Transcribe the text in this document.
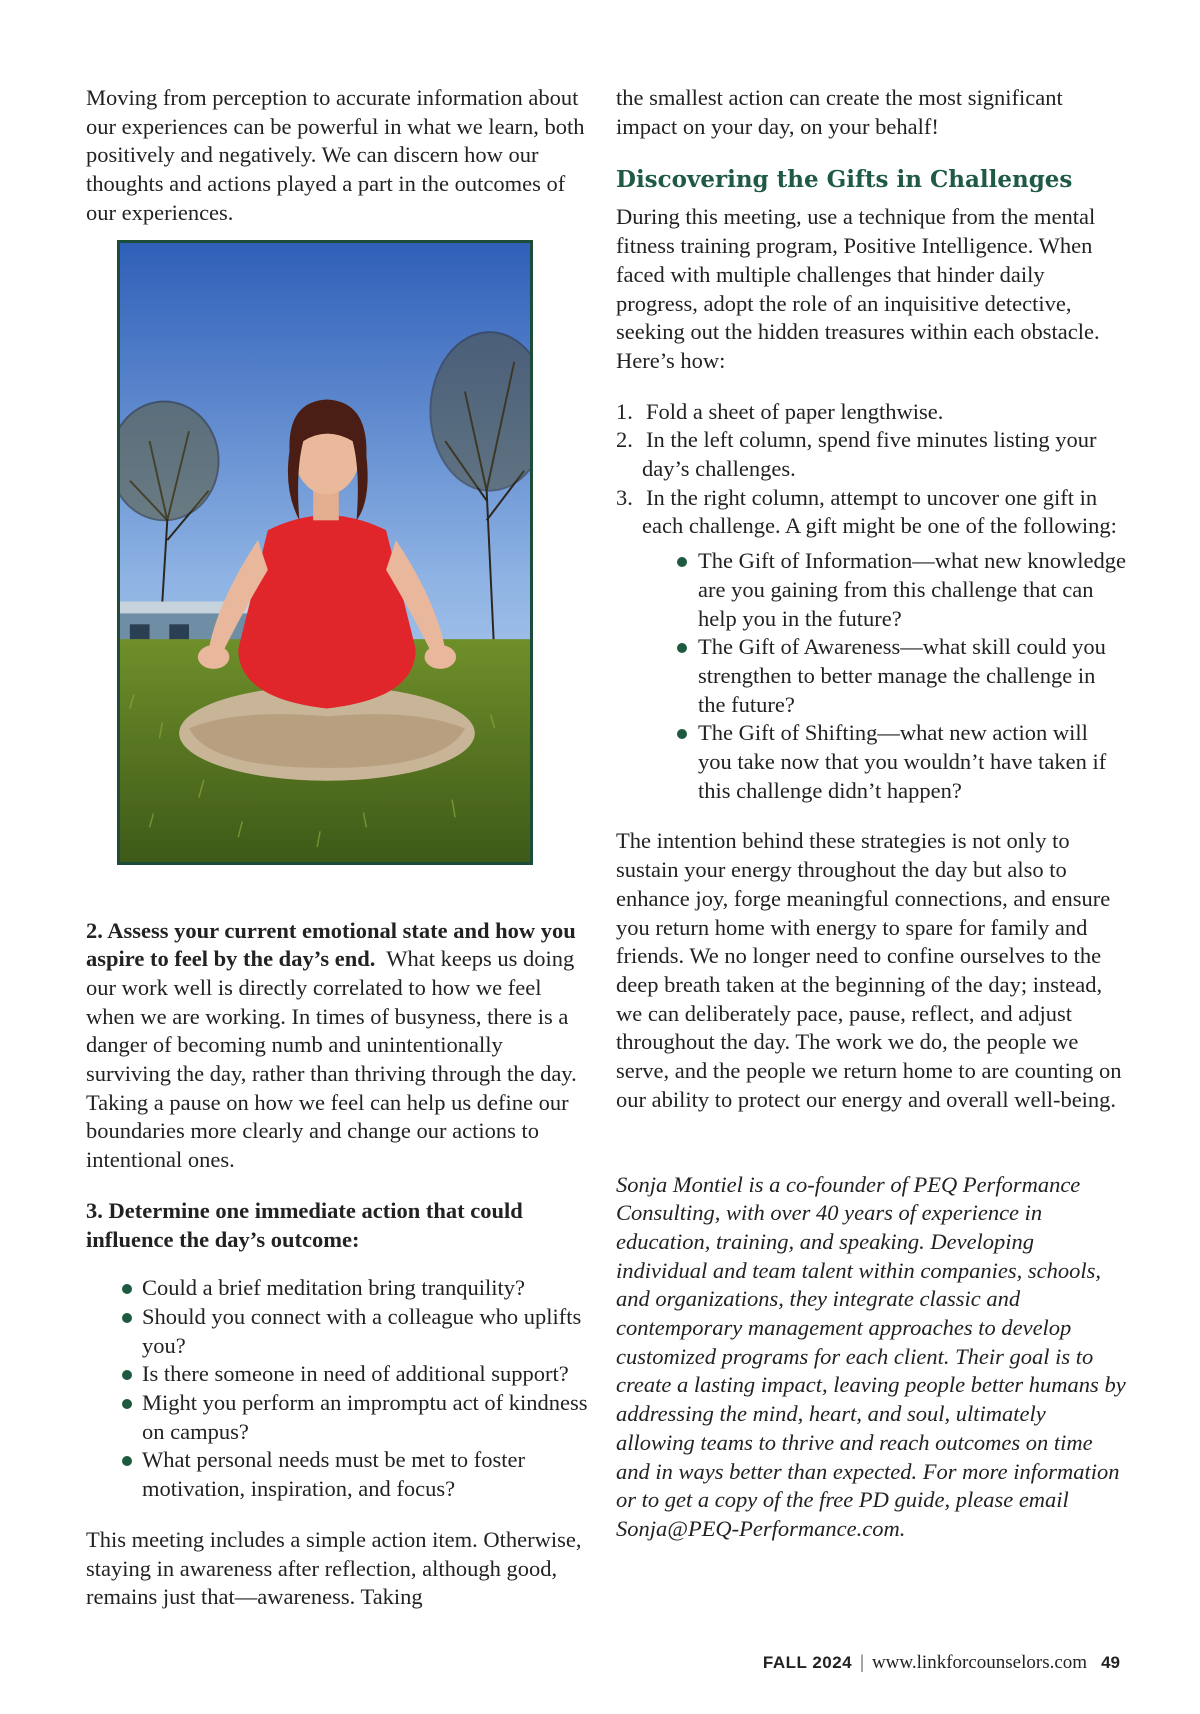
Moving from perception to accurate information about our experiences can be powerful in what we learn, both positively and negatively. We can discern how our thoughts and actions played a part in the outcomes of our experiences.

2. Assess your current emotional state and how you aspire to feel by the day’s end. What keeps us doing our work well is directly correlated to how we feel when we are working. In times of busyness, there is a danger of becoming numb and unintentionally surviving the day, rather than thriving through the day. Taking a pause on how we feel can help us define our boundaries more clearly and change our actions to intentional ones.

3. Determine one immediate action that could influence the day’s outcome:

Could a brief meditation bring tranquility?
Should you connect with a colleague who uplifts you?
Is there someone in need of additional support?
Might you perform an impromptu act of kindness on campus?
What personal needs must be met to foster motivation, inspiration, and focus?

This meeting includes a simple action item. Otherwise, staying in awareness after reflection, although good, remains just that—awareness. Taking

the smallest action can create the most significant impact on your day, on your behalf!

Discovering the Gifts in Challenges

During this meeting, use a technique from the mental fitness training program, Positive Intelligence. When faced with multiple challenges that hinder daily progress, adopt the role of an inquisitive detective, seeking out the hidden treasures within each obstacle. Here’s how:

1. Fold a sheet of paper lengthwise.
2. In the left column, spend five minutes listing your day’s challenges.
3. In the right column, attempt to uncover one gift in each challenge. A gift might be one of the following:
The Gift of Information—what new knowledge are you gaining from this challenge that can help you in the future?
The Gift of Awareness—what skill could you strengthen to better manage the challenge in the future?
The Gift of Shifting—what new action will you take now that you wouldn’t have taken if this challenge didn’t happen?

The intention behind these strategies is not only to sustain your energy throughout the day but also to enhance joy, forge meaningful connections, and ensure you return home with energy to spare for family and friends. We no longer need to confine ourselves to the deep breath taken at the beginning of the day; instead, we can deliberately pace, pause, reflect, and adjust throughout the day. The work we do, the people we serve, and the people we return home to are counting on our ability to protect our energy and overall well-being.

Sonja Montiel is a co-founder of PEQ Performance Consulting, with over 40 years of experience in education, training, and speaking. Developing individual and team talent within companies, schools, and organizations, they integrate classic and contemporary management approaches to develop customized programs for each client. Their goal is to create a lasting impact, leaving people better humans by addressing the mind, heart, and soul, ultimately allowing teams to thrive and reach outcomes on time and in ways better than expected. For more information or to get a copy of the free PD guide, please email Sonja@PEQ-Performance.com.

FALL 2024 | www.linkforcounselors.com 49
